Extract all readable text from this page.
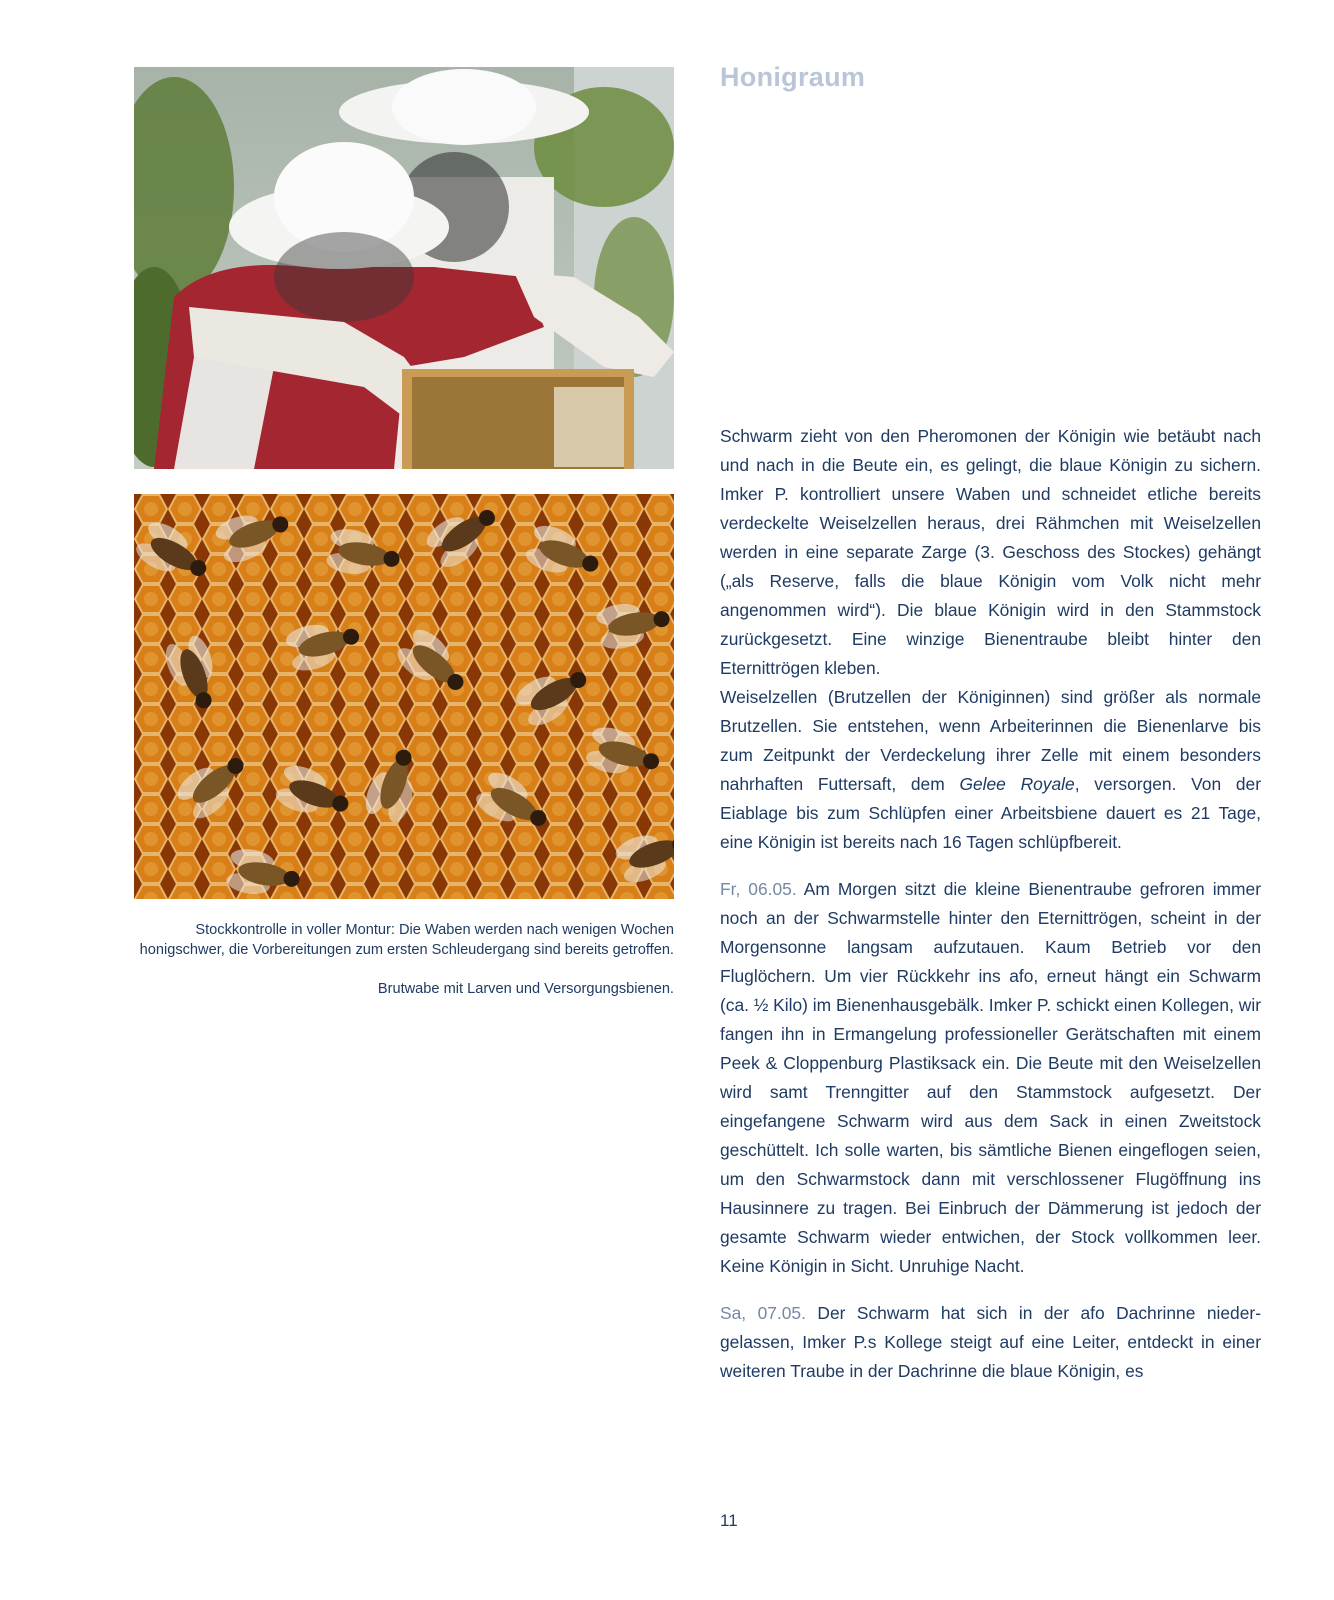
Stockkontrolle in voller Montur: Die Waben werden nach wenigen Wochen honigschwer, die Vorbereitungen zum ersten Schleudergang sind bereits getroffen.

Brutwabe mit Larven und Versorgungsbienen.

Honigraum

Schwarm zieht von den Pheromonen der Königin wie betäubt nach und nach in die Beute ein, es gelingt, die blaue Königin zu sichern. Imker P. kontrolliert unsere Waben und schneidet etliche bereits verdeckelte Weiselzellen heraus, drei Rähmchen mit Weiselzellen werden in eine separate Zarge (3. Geschoss des Stockes) gehängt („als Reserve, falls die blaue Königin vom Volk nicht mehr angenommen wird“). Die blaue Königin wird in den Stammstock zurückgesetzt. Eine winzige Bienentraube bleibt hinter den Eternittrögen kleben.

Weiselzellen (Brutzellen der Königinnen) sind größer als normale Brutzellen. Sie entstehen, wenn Arbeiterinnen die Bienenlarve bis zum Zeitpunkt der Verdeckelung ihrer Zelle mit einem besonders nahrhaften Futtersaft, dem Gelee Royale, versorgen. Von der Eiablage bis zum Schlüpfen einer Arbeitsbiene dauert es 21 Tage, eine Königin ist bereits nach 16 Tagen schlüpfbereit.

Fr, 06.05. Am Morgen sitzt die kleine Bienentraube gefroren immer noch an der Schwarmstelle hinter den Eternittrögen, scheint in der Morgensonne langsam aufzutauen. Kaum Betrieb vor den Fluglöchern. Um vier Rückkehr ins afo, erneut hängt ein Schwarm (ca. ½ Kilo) im Bienenhausgebälk. Imker P. schickt einen Kollegen, wir fangen ihn in Ermangelung professioneller Gerätschaften mit einem Peek & Cloppenburg Plastiksack ein. Die Beute mit den Weiselzellen wird samt Trenngitter auf den Stammstock aufgesetzt. Der eingefangene Schwarm wird aus dem Sack in einen Zweitstock geschüttelt. Ich solle warten, bis sämtliche Bienen eingeflogen seien, um den Schwarmstock dann mit verschlossener Flugöffnung ins Hausinnere zu tragen. Bei Einbruch der Dämmerung ist jedoch der gesamte Schwarm wieder entwichen, der Stock vollkommen leer. Keine Königin in Sicht. Unruhige Nacht.

Sa, 07.05. Der Schwarm hat sich in der afo Dachrinne niedergelassen, Imker P.s Kollege steigt auf eine Leiter, entdeckt in einer weiteren Traube in der Dachrinne die blaue Königin, es

11
